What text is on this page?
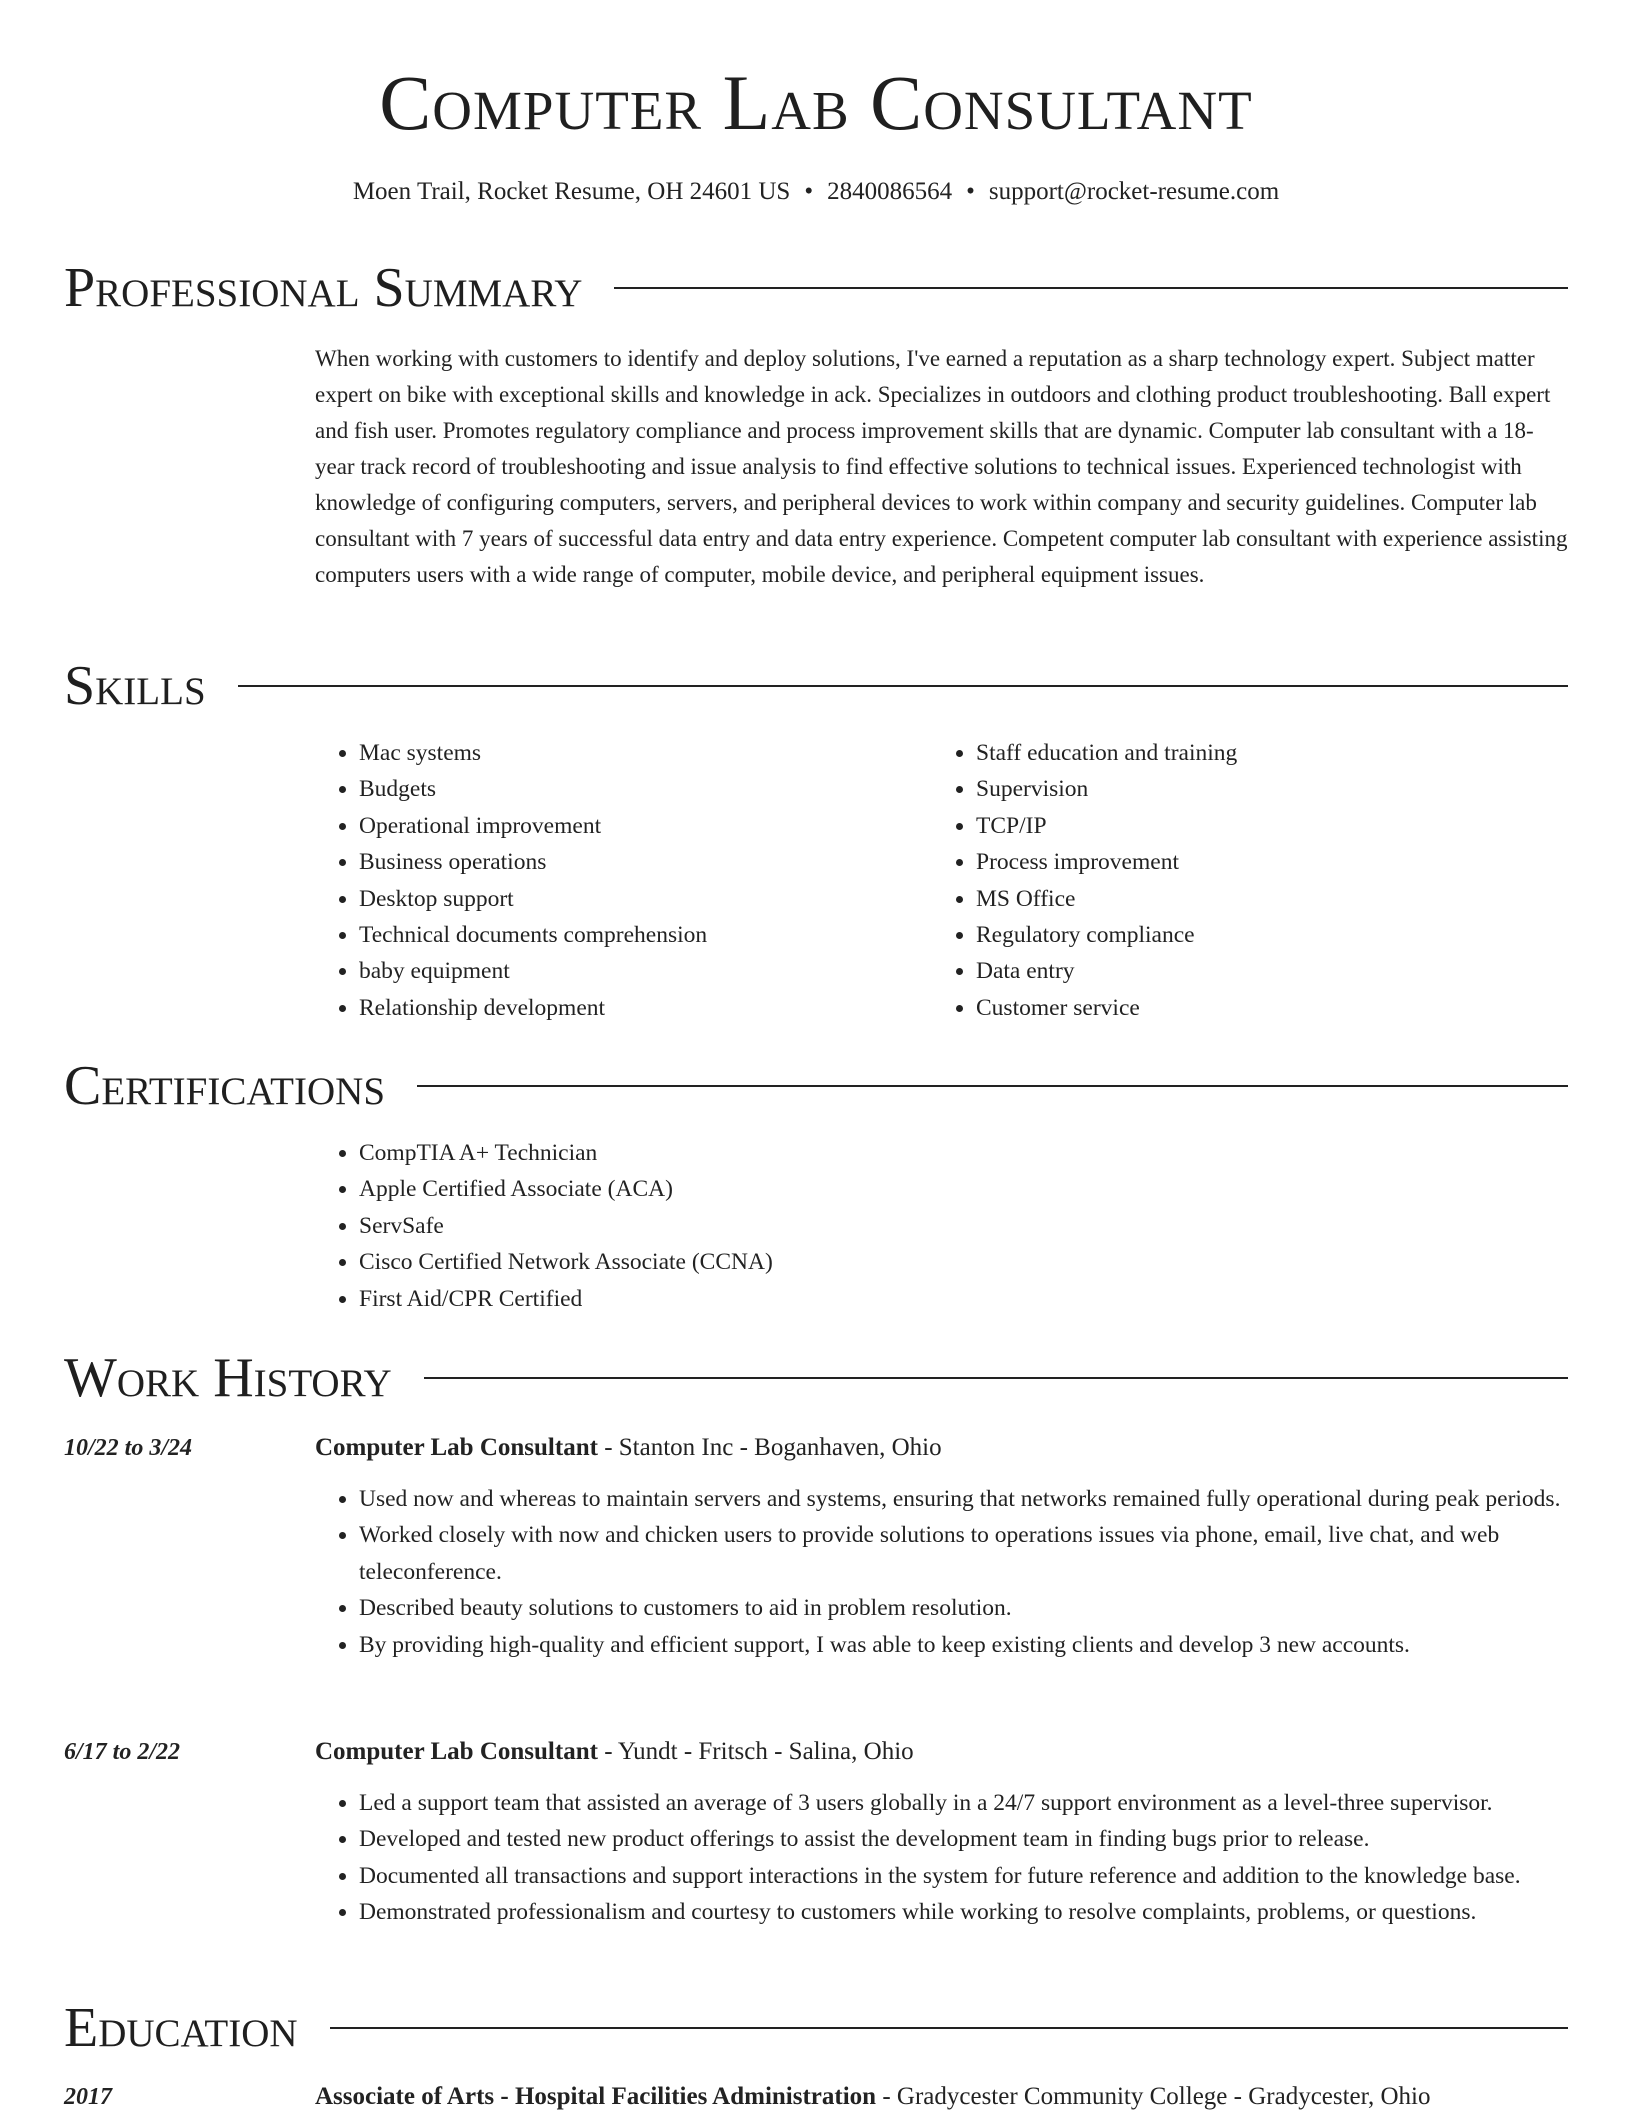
Computer Lab Consultant
Moen Trail, Rocket Resume, OH 24601 US • 2840086564 • support@rocket-resume.com
Professional Summary

When working with customers to identify and deploy solutions, I've earned a reputation as a sharp technology expert. Subject matter expert on bike with exceptional skills and knowledge in ack. Specializes in outdoors and clothing product troubleshooting. Ball expert and fish user. Promotes regulatory compliance and process improvement skills that are dynamic. Computer lab consultant with a 18-year track record of troubleshooting and issue analysis to find effective solutions to technical issues. Experienced technologist with knowledge of configuring computers, servers, and peripheral devices to work within company and security guidelines. Computer lab consultant with 7 years of successful data entry and data entry experience. Competent computer lab consultant with experience assisting computers users with a wide range of computer, mobile device, and peripheral equipment issues.

Skills
• Mac systems
• Budgets
• Operational improvement
• Business operations
• Desktop support
• Technical documents comprehension
• baby equipment
• Relationship development
• Staff education and training
• Supervision
• TCP/IP
• Process improvement
• MS Office
• Regulatory compliance
• Data entry
• Customer service
Certifications
• CompTIA A+ Technician
• Apple Certified Associate (ACA)
• ServSafe
• Cisco Certified Network Associate (CCNA)
• First Aid/CPR Certified
Work History
10/22 to 3/24	Computer Lab Consultant - Stanton Inc - Boganhaven, Ohio
• Used now and whereas to maintain servers and systems, ensuring that networks remained fully operational during peak periods.
• Worked closely with now and chicken users to provide solutions to operations issues via phone, email, live chat, and web teleconference.
• Described beauty solutions to customers to aid in problem resolution.
• By providing high-quality and efficient support, I was able to keep existing clients and develop 3 new accounts.
6/17 to 2/22	Computer Lab Consultant - Yundt - Fritsch - Salina, Ohio
• Led a support team that assisted an average of 3 users globally in a 24/7 support environment as a level-three supervisor.
• Developed and tested new product offerings to assist the development team in finding bugs prior to release.
• Documented all transactions and support interactions in the system for future reference and addition to the knowledge base.
• Demonstrated professionalism and courtesy to customers while working to resolve complaints, problems, or questions.
Education
2017	Associate of Arts - Hospital Facilities Administration - Gradycester Community College - Gradycester, Ohio
